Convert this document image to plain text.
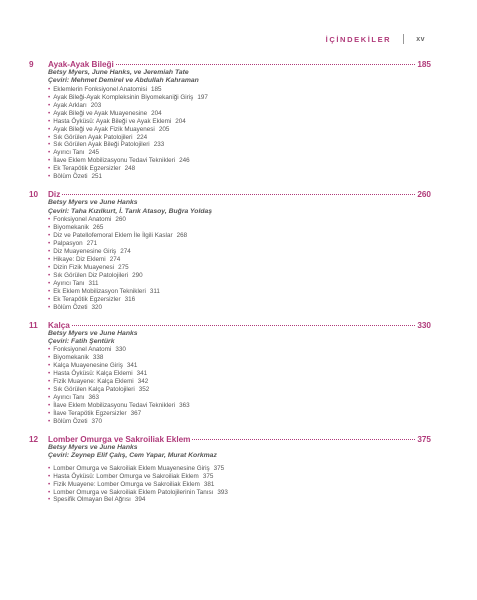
İÇİNDEKİLER	xv
9	Ayak-Ayak Bileği	185
Betsy Myers, June Hanks, ve Jeremiah Tate
Çeviri: Mehmet Demirel ve Abdullah Kahraman
• Eklemlerin Fonksiyonel Anatomisi 185
• Ayak Bileği-Ayak Kompleksinin Biyomekaniği Giriş 197
• Ayak Arkları 203
• Ayak Bileği ve Ayak Muayenesine 204
• Hasta Öyküsü: Ayak Bileği ve Ayak Eklemi 204
• Ayak Bileği ve Ayak Fizik Muayenesi 205
• Sık Görülen Ayak Patolojileri 224
• Sık Görülen Ayak Bileği Patolojileri 233
• Ayırıcı Tanı 245
• İlave Eklem Mobilizasyonu Tedavi Teknikleri 246
• Ek Terapötik Egzersizler 248
• Bölüm Özeti 251
10	Diz	260
Betsy Myers ve June Hanks
Çeviri: Taha Kızılkurt, İ. Tarık Atasoy, Buğra Yoldaş
• Fonksiyonel Anatomi 260
• Biyomekanik 265
• Diz ve Patellofemoral Eklem İle İlgili Kaslar 268
• Palpasyon 271
• Diz Muayenesine Giriş 274
• Hikaye: Diz Eklemi 274
• Dizin Fizik Muayenesi 275
• Sık Görülen Diz Patolojileri 290
• Ayırıcı Tanı 311
• Ek Eklem Mobilizasyon Teknikleri 311
• Ek Terapötik Egzersizler 316
• Bölüm Özeti 320
11	Kalça	330
Betsy Myers ve June Hanks
Çeviri: Fatih Şentürk
• Fonksiyonel Anatomi 330
• Biyomekanik 338
• Kalça Muayenesine Giriş 341
• Hasta Öyküsü: Kalça Eklemi 341
• Fizik Muayene: Kalça Eklemi 342
• Sık Görülen Kalça Patolojileri 352
• Ayırıcı Tanı 363
• İlave Eklem Mobilizasyonu Tedavi Teknikleri 363
• İlave Terapötik Egzersizler 367
• Bölüm Özeti 370
12	Lomber Omurga ve Sakroiliak Eklem	375
Betsy Myers ve June Hanks
Çeviri: Zeynep Elif Çalış, Cem Yapar, Murat Korkmaz
• Lomber Omurga ve Sakroiliak Eklem Muayenesine Giriş 375
• Hasta Öyküsü: Lomber Omurga ve Sakroiliak Eklem 375
• Fizik Muayene: Lomber Omurga ve Sakroiliak Eklem 381
• Lomber Omurga ve Sakroiliak Eklem Patolojilerinin Tanısı 393
• Spesifik Olmayan Bel Ağrısı 394
